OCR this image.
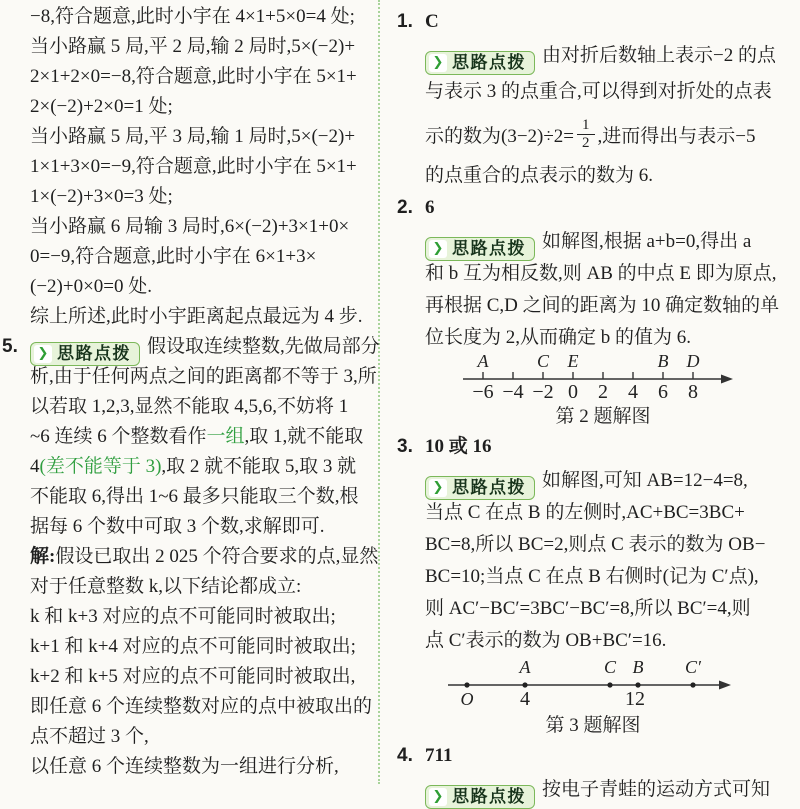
−8,符合题意,此时小宇在 4×1+5×0=4 处;
当小路赢 5 局,平 2 局,输 2 局时,5×(−2)+
2×1+2×0=−8,符合题意,此时小宇在 5×1+
2×(−2)+2×0=1 处;
当小路赢 5 局,平 3 局,输 1 局时,5×(−2)+
1×1+3×0=−9,符合题意,此时小宇在 5×1+
1×(−2)+3×0=3 处;
当小路赢 6 局输 3 局时,6×(−2)+3×1+0×
0=−9,符合题意,此时小宇在 6×1+3×
(−2)+0×0=0 处.
综上所述,此时小宇距离起点最远为 4 步.
5. ❯ 思路点拨 假设取连续整数,先做局部分
析,由于任何两点之间的距离都不等于 3,所
以若取 1,2,3,显然不能取 4,5,6,不妨将 1
~6 连续 6 个整数看作一组,取 1,就不能取
4(差不能等于 3),取 2 就不能取 5,取 3 就
不能取 6,得出 1~6 最多只能取三个数,根
据每 6 个数中可取 3 个数,求解即可.
解:假设已取出 2 025 个符合要求的点,显然
对于任意整数 k,以下结论都成立:
k 和 k+3 对应的点不可能同时被取出;
k+1 和 k+4 对应的点不可能同时被取出;
k+2 和 k+5 对应的点不可能同时被取出,
即任意 6 个连续整数对应的点中被取出的
点不超过 3 个,
以任意 6 个连续整数为一组进行分析,
1. C
❯ 思路点拨 由对折后数轴上表示−2 的点
与表示 3 的点重合,可以得到对折处的点表
示的数为$(3-2)\div 2= \frac{1}{2}$ ,进而得出与表示−5
的点重合的点表示的数为 6.
2. 6
❯ 思路点拨 如解图,根据 a+b=0,得出 a
和 b 互为相反数,则 AB 的中点 E 即为原点,
再根据 C,D 之间的距离为 10 确定数轴的单
位长度为 2,从而确定 b 的值为 6.
A	C E	B D
−6 −4 −2 0 2 4 6 8
第 2 题解图
3. 10 或 16
❯ 思路点拨 如解图,可知 AB=12−4=8,
当点 C 在点 B 的左侧时,AC+BC=3BC+
BC=8,所以 BC=2,则点 C 表示的数为 OB−
BC=10;当点 C 在点 B 右侧时(记为 C′点),
则 AC′−BC′=3BC′−BC′=8,所以 BC′=4,则
点 C′表示的数为 OB+BC′=16.
A	C B C′
O 4	12
第 3 题解图
4. 711
❯ 思路点拨 按电子青蛙的运动方式可知
